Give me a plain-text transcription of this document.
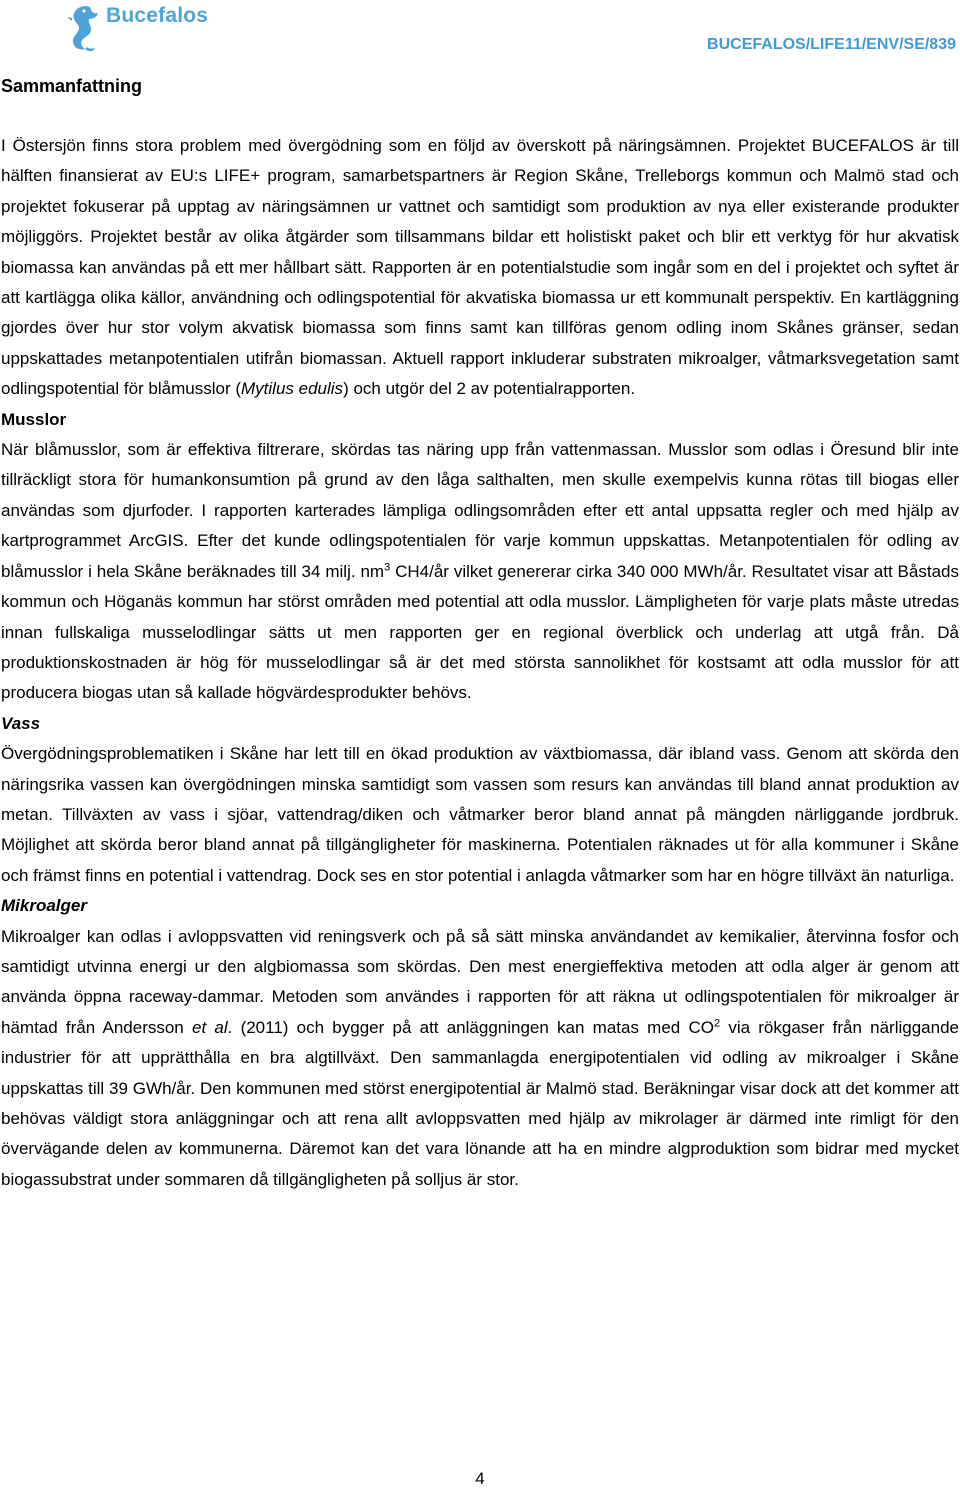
Bucefalos
BUCEFALOS/LIFE11/ENV/SE/839
Sammanfattning

I Östersjön finns stora problem med övergödning som en följd av överskott på näringsämnen. Projektet BUCEFALOS är till hälften finansierat av EU:s LIFE+ program, samarbetspartners är Region Skåne, Trelleborgs kommun och Malmö stad och projektet fokuserar på upptag av näringsämnen ur vattnet och samtidigt som produktion av nya eller existerande produkter möjliggörs. Projektet består av olika åtgärder som tillsammans bildar ett holistiskt paket och blir ett verktyg för hur akvatisk biomassa kan användas på ett mer hållbart sätt. Rapporten är en potentialstudie som ingår som en del i projektet och syftet är att kartlägga olika källor, användning och odlingspotential för akvatiska biomassa ur ett kommunalt perspektiv. En kartläggning gjordes över hur stor volym akvatisk biomassa som finns samt kan tillföras genom odling inom Skånes gränser, sedan uppskattades metanpotentialen utifrån biomassan. Aktuell rapport inkluderar substraten mikroalger, våtmarksvegetation samt odlingspotential för blåmusslor (Mytilus edulis) och utgör del 2 av potentialrapporten.

Musslor

När blåmusslor, som är effektiva filtrerare, skördas tas näring upp från vattenmassan. Musslor som odlas i Öresund blir inte tillräckligt stora för humankonsumtion på grund av den låga salthalten, men skulle exempelvis kunna rötas till biogas eller användas som djurfoder. I rapporten karterades lämpliga odlingsområden efter ett antal uppsatta regler och med hjälp av kartprogrammet ArcGIS. Efter det kunde odlingspotentialen för varje kommun uppskattas. Metanpotentialen för odling av blåmusslor i hela Skåne beräknades till 34 milj. $nm^3$ CH4/år vilket genererar cirka 340 000 MWh/år. Resultatet visar att Båstads kommun och Höganäs kommun har störst områden med potential att odla musslor. Lämpligheten för varje plats måste utredas innan fullskaliga musselodlingar sätts ut men rapporten ger en regional överblick och underlag att utgå från. Då produktionskostnaden är hög för musselodlingar så är det med största sannolikhet för kostsamt att odla musslor för att producera biogas utan så kallade högvärdesprodukter behövs.

Vass

Övergödningsproblematiken i Skåne har lett till en ökad produktion av växtbiomassa, där ibland vass. Genom att skörda den näringsrika vassen kan övergödningen minska samtidigt som vassen som resurs kan användas till bland annat produktion av metan. Tillväxten av vass i sjöar, vattendrag/diken och våtmarker beror bland annat på mängden närliggande jordbruk. Möjlighet att skörda beror bland annat på tillgängligheter för maskinerna. Potentialen räknades ut för alla kommuner i Skåne och främst finns en potential i vattendrag. Dock ses en stor potential i anlagda våtmarker som har en högre tillväxt än naturliga.

Mikroalger

Mikroalger kan odlas i avloppsvatten vid reningsverk och på så sätt minska användandet av kemikalier, återvinna fosfor och samtidigt utvinna energi ur den algbiomassa som skördas. Den mest energieffektiva metoden att odla alger är genom att använda öppna raceway-dammar. Metoden som användes i rapporten för att räkna ut odlingspotentialen för mikroalger är hämtad från Andersson et al. (2011) och bygger på att anläggningen kan matas med $CO^2$ via rökgaser från närliggande industrier för att upprätthålla en bra algtillväxt. Den sammanlagda energipotentialen vid odling av mikroalger i Skåne uppskattas till 39 GWh/år. Den kommunen med störst energipotential är Malmö stad. Beräkningar visar dock att det kommer att behövas väldigt stora anläggningar och att rena allt avloppsvatten med hjälp av mikrolager är därmed inte rimligt för den övervägande delen av kommunerna. Däremot kan det vara lönande att ha en mindre algproduktion som bidrar med mycket biogassubstrat under sommaren då tillgängligheten på solljus är stor.

4
